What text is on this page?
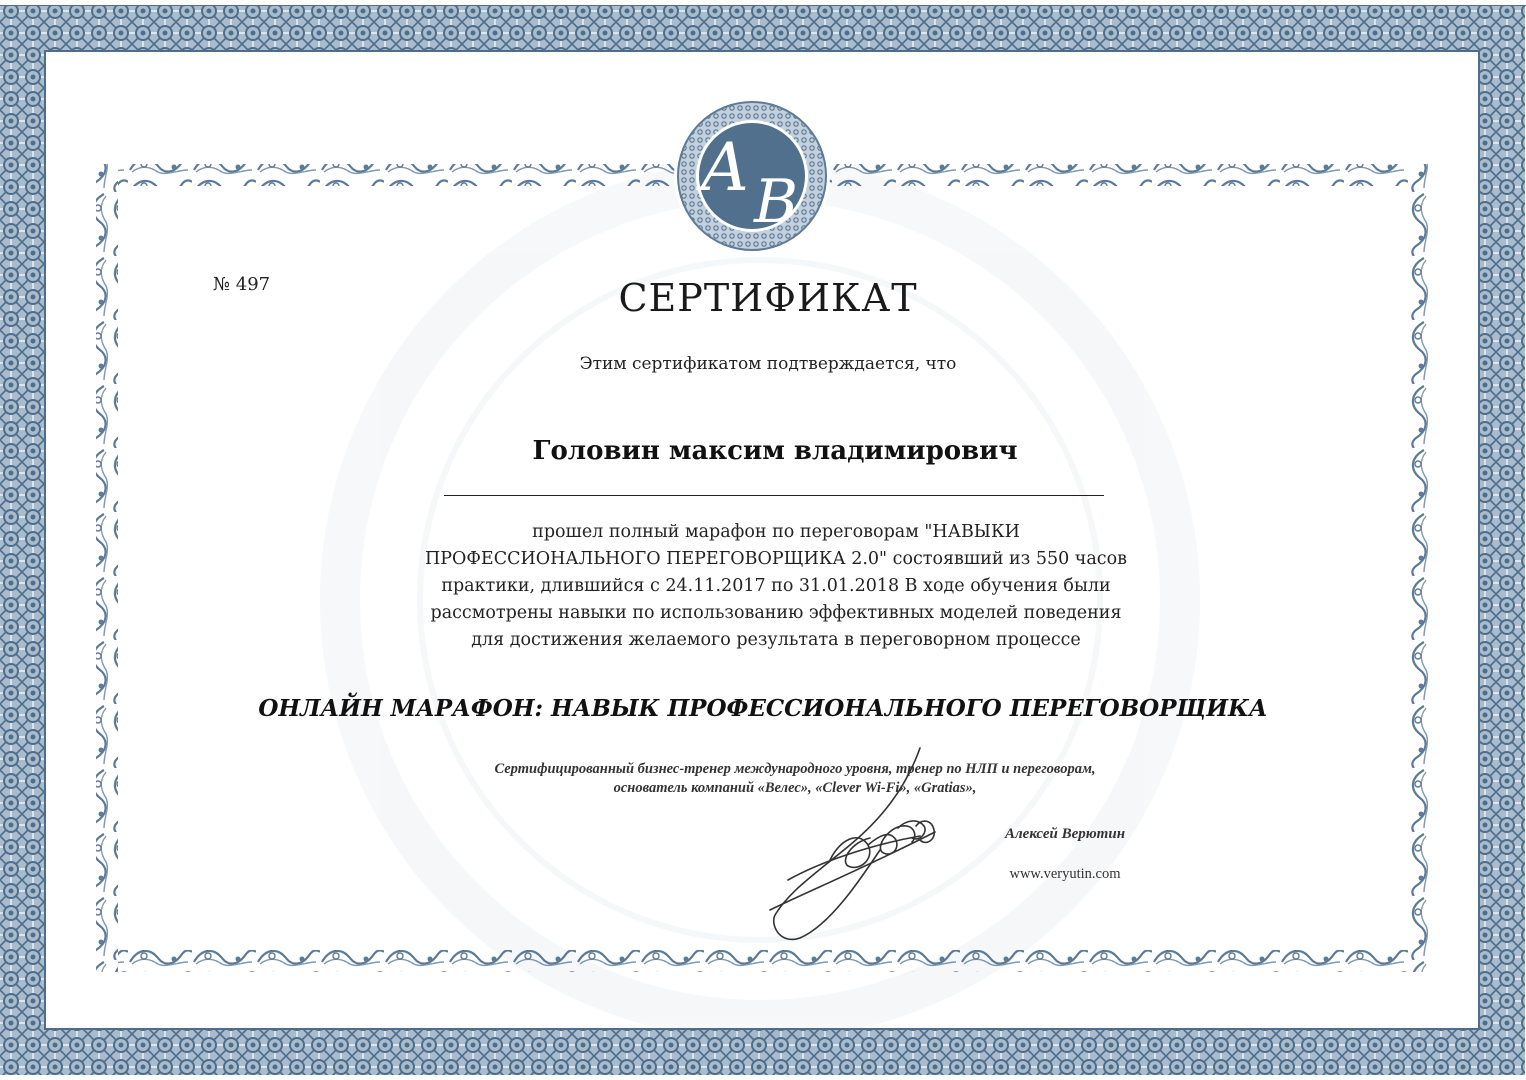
A B
№ 497	СЕРТИФИКАТ
Этим сертификатом подтверждается, что
Головин максим владимирович
прошел полный марафон по переговорам "НАВЫКИ ПРОФЕССИОНАЛЬНОГО ПЕРЕГОВОРЩИКА 2.0" состоявший из 550 часов практики, длившийся с 24.11.2017 по 31.01.2018 В ходе обучения были рассмотрены навыки по использованию эффективных моделей поведения для достижения желаемого результата в переговорном процессе
ОНЛАЙН МАРАФОН: НАВЫК ПРОФЕССИОНАЛЬНОГО ПЕРЕГОВОРЩИКА
Сертифицированный бизнес-тренер международного уровня, тренер по НЛП и переговорам,
основатель компаний «Велес», «Clever Wi-Fi», «Gratias»,
Алексей Верютин
www.veryutin.com
